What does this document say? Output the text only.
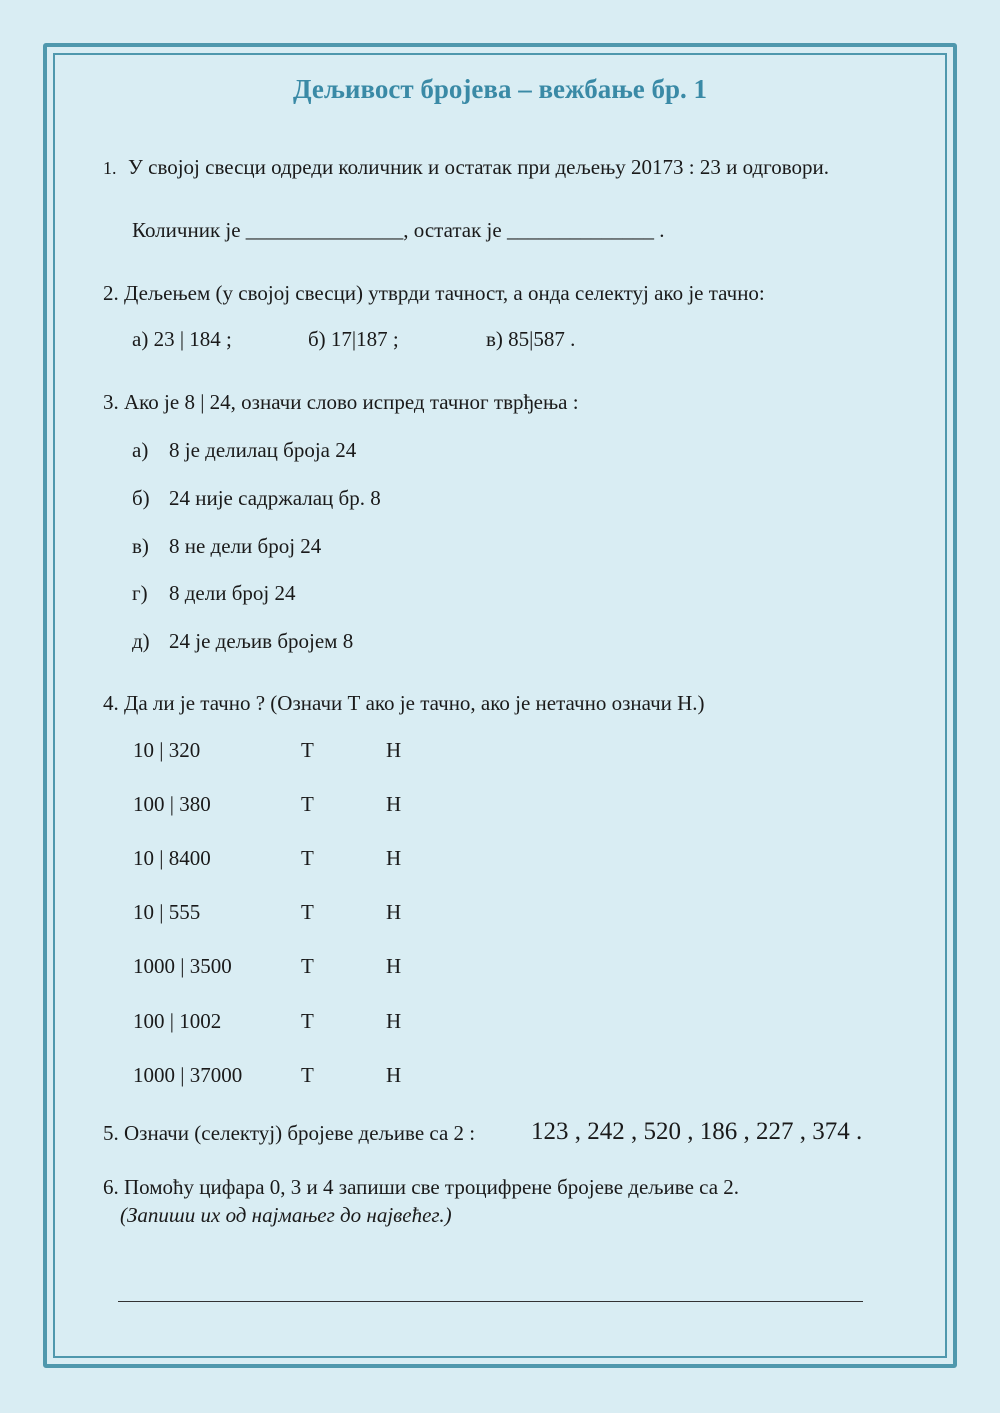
Дељивост бројева – вежбање бр. 1
1. У својој свесци одреди количник и остатак при дељењу 20173 : 23 и одговори.
Количник је _______________, остатак је ______________ .
2. Дељењем (у својој свесци) утврди тачност, а онда селектуј ако је тачно:
а) 23 | 184 ;	б) 17|187 ;	в) 85|587 .
3. Ако је 8 | 24, означи слово испред тачног тврђења :
а) 8 је делилац броја 24
б) 24 није садржалац бр. 8
в) 8 не дели број 24
г) 8 дели број 24
д) 24 је дељив бројем 8
4. Да ли је тачно ? (Означи Т ако је тачно, ако је нетачно означи Н.)
10 | 320	Т	Н
100 | 380	Т	Н
10 | 8400	Т	Н
10 | 555	Т	Н
1000 | 3500	Т	Н
100 | 1002	Т	Н
1000 | 37000	Т	Н
5. Означи (селектуј) бројеве дељиве са 2 : 123 , 242 , 520 , 186 , 227 , 374 .
6. Помоћу цифара 0, 3 и 4 запиши све троцифрене бројеве дељиве са 2.
(Запиши их од најмањег до највећег.)
